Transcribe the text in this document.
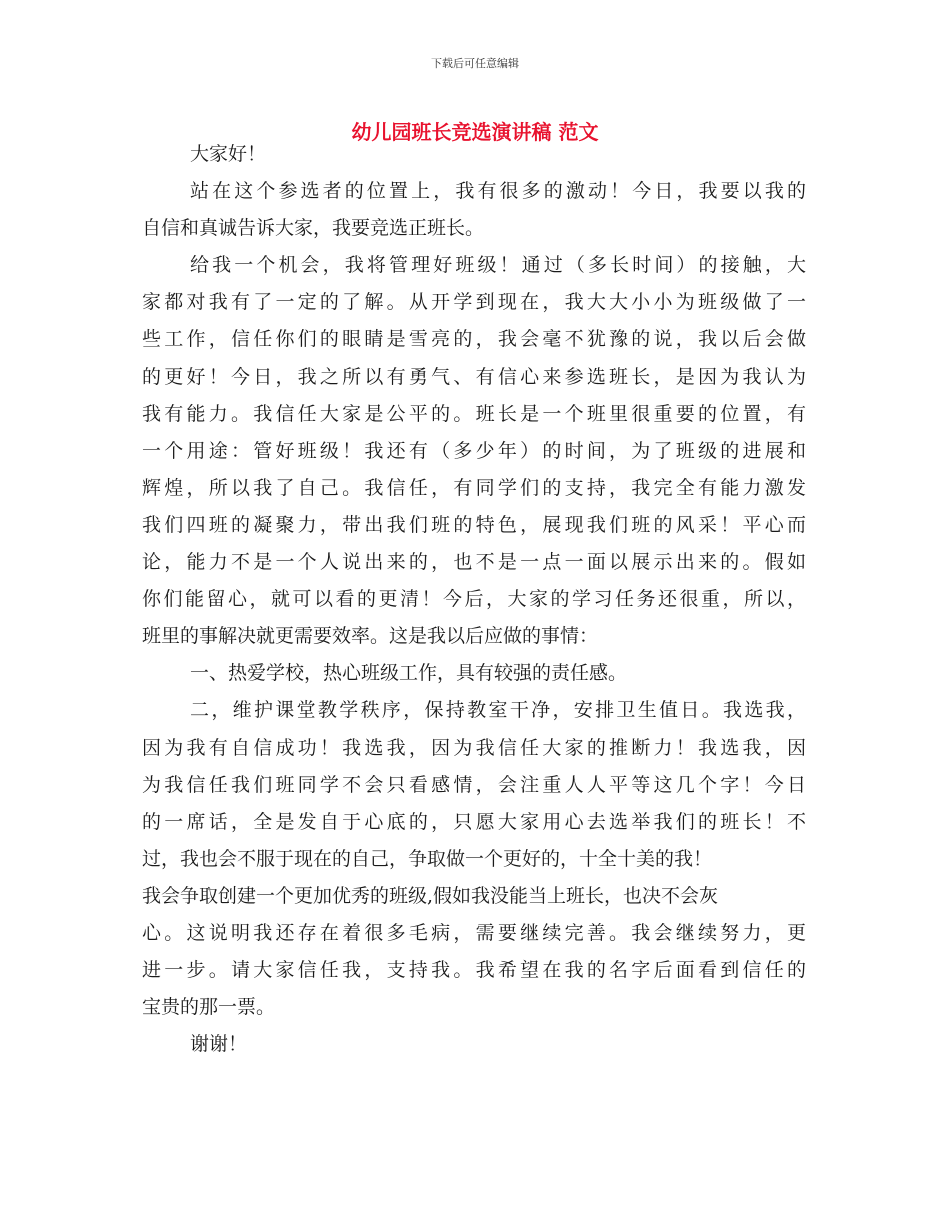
下载后可任意编辑
幼儿园班长竞选演讲稿 范文
大家好！
站在这个参选者的位置上，我有很多的激动！今日，我要以我的
自信和真诚告诉大家，我要竞选正班长。
给我一个机会，我将管理好班级！通过（多长时间）的接触，大
家都对我有了一定的了解。从开学到现在，我大大小小为班级做了一
些工作，信任你们的眼睛是雪亮的，我会毫不犹豫的说，我以后会做
的更好！今日，我之所以有勇气、有信心来参选班长，是因为我认为
我有能力。我信任大家是公平的。班长是一个班里很重要的位置，有
一个用途：管好班级！我还有（多少年）的时间，为了班级的进展和
辉煌，所以我了自己。我信任，有同学们的支持，我完全有能力激发
我们四班的凝聚力，带出我们班的特色，展现我们班的风采！平心而
论，能力不是一个人说出来的，也不是一点一面以展示出来的。假如
你们能留心，就可以看的更清！今后，大家的学习任务还很重，所以，
班里的事解决就更需要效率。这是我以后应做的事情：
一、热爱学校，热心班级工作，具有较强的责任感。
二，维护课堂教学秩序，保持教室干净，安排卫生值日。我选我，
因为我有自信成功！我选我，因为我信任大家的推断力！我选我，因
为我信任我们班同学不会只看感情，会注重人人平等这几个字！今日
的一席话，全是发自于心底的，只愿大家用心去选举我们的班长！不
过，我也会不服于现在的自己，争取做一个更好的，十全十美的我！
我会争取创建一个更加优秀的班级,假如我没能当上班长，也决不会灰
心。这说明我还存在着很多毛病，需要继续完善。我会继续努力，更
进一步。请大家信任我，支持我。我希望在我的名字后面看到信任的
宝贵的那一票。
谢谢！
